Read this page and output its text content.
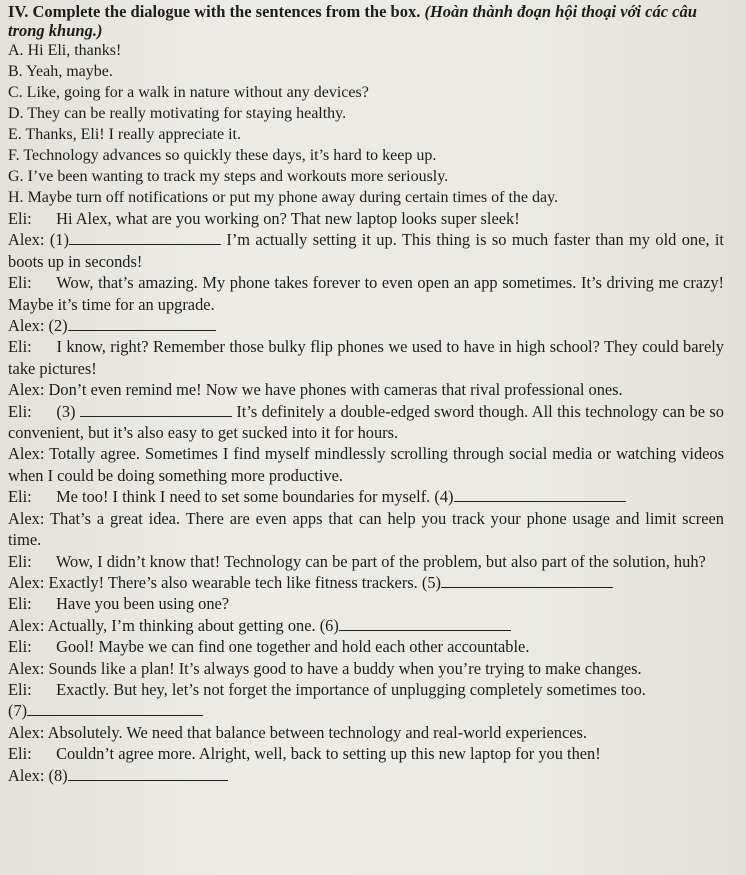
IV. Complete the dialogue with the sentences from the box. (Hoàn thành đoạn hội thoại với các câu trong khung.)

A. Hi Eli, thanks!

B. Yeah, maybe.

C. Like, going for a walk in nature without any devices?

D. They can be really motivating for staying healthy.

E. Thanks, Eli! I really appreciate it.

F. Technology advances so quickly these days, it’s hard to keep up.

G. I’ve been wanting to track my steps and workouts more seriously.

H. Maybe turn off notifications or put my phone away during certain times of the day.

Eli: Hi Alex, what are you working on? That new laptop looks super sleek!

Alex: (1)	I’m actually setting it up. This thing is so much faster than my old one, it boots up in seconds!

Eli: Wow, that’s amazing. My phone takes forever to even open an app sometimes. It’s driving me crazy! Maybe it’s time for an upgrade.

Alex: (2)

Eli: I know, right? Remember those bulky flip phones we used to have in high school? They could barely take pictures!

Alex: Don’t even remind me! Now we have phones with cameras that rival professional ones.

Eli: (3)	It’s definitely a double-edged sword though. All this technology can be so convenient, but it’s also easy to get sucked into it for hours.

Alex: Totally agree. Sometimes I find myself mindlessly scrolling through social media or watching videos when I could be doing something more productive.

Eli: Me too! I think I need to set some boundaries for myself. (4)

Alex: That’s a great idea. There are even apps that can help you track your phone usage and limit screen time.

Eli: Wow, I didn’t know that! Technology can be part of the problem, but also part of the solution, huh?

Alex: Exactly! There’s also wearable tech like fitness trackers. (5)

Eli: Have you been using one?

Alex: Actually, I’m thinking about getting one. (6)

Eli: Gool! Maybe we can find one together and hold each other accountable.

Alex: Sounds like a plan! It’s always good to have a buddy when you’re trying to make changes.

Eli: Exactly. But hey, let’s not forget the importance of unplugging completely sometimes too.

(7)

Alex: Absolutely. We need that balance between technology and real-world experiences.

Eli: Couldn’t agree more. Alright, well, back to setting up this new laptop for you then!

Alex: (8)
